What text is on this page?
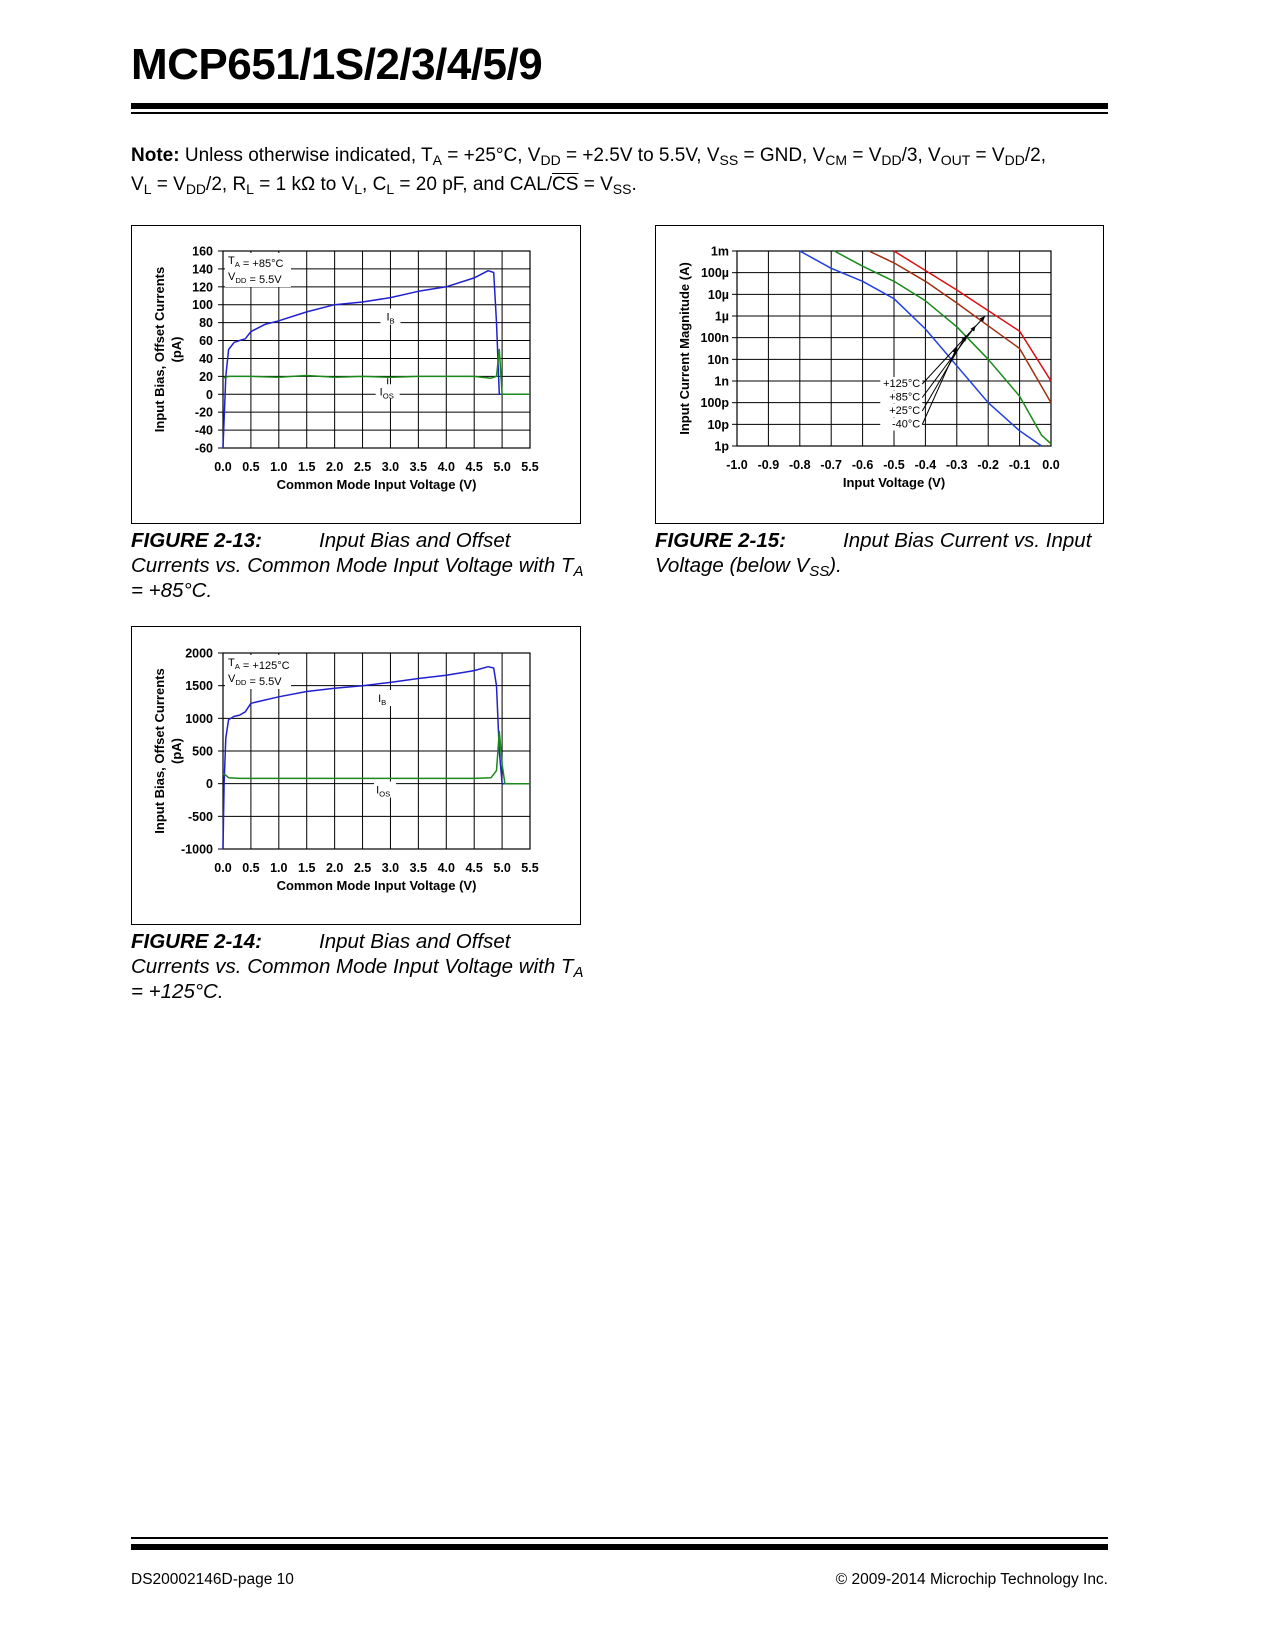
MCP651/1S/2/3/4/5/9
Note: Unless otherwise indicated, $T_A = +25^\circ C$, $V_{DD} = +2.5V$ to 5.5V, $V_{SS}$ = GND, $V_{CM} = V_{DD}/3$, $V_{OUT} = V_{DD}/2$,
$V_L = V_{DD}/2$, $R_L = 1$ kΩ to $V_L$, $C_L = 20$ pF, and CAL/$\overline{CS} = V_{SS}$.
0.0 0.5 1.0 1.5 2.0 2.5 3.0 3.5 4.0 4.5 5.0 5.5
160
140
120
100
80
60
40
20
0
-20
-40
-60
Common Mode Input Voltage (V)
Input Bias, Offset Currents (pA)
$T_A = +85^\circ C$
$V_{DD} = 5.5V$
$I_B$
$I_{OS}$
FIGURE 2-13:	Input Bias and Offset Currents vs. Common Mode Input Voltage with $T_A = +85^\circ C$.
-1.0 -0.9 -0.8 -0.7 -0.6 -0.5 -0.4 -0.3 -0.2 -0.1 0.0
1m
100µ
10µ
1µ
100n
10n
1n
100p
10p
1p
+125°C
+85°C
+25°C
-40°C
Input Voltage (V)
Input Current Magnitude (A)
FIGURE 2-15:	Input Bias Current vs. Input Voltage (below $V_{SS}$).
0.0 0.5 1.0 1.5 2.0 2.5 3.0 3.5 4.0 4.5 5.0 5.5
2000
1500
1000
500
0
-500
-1000
Common Mode Input Voltage (V)
Input Bias, Offset Currents (pA)
$T_A = +125^\circ C$
$V_{DD} = 5.5V$
$I_B$
$I_{OS}$
FIGURE 2-14:	Input Bias and Offset Currents vs. Common Mode Input Voltage with $T_A = +125^\circ C$.
DS20002146D-page 10	© 2009-2014 Microchip Technology Inc.
